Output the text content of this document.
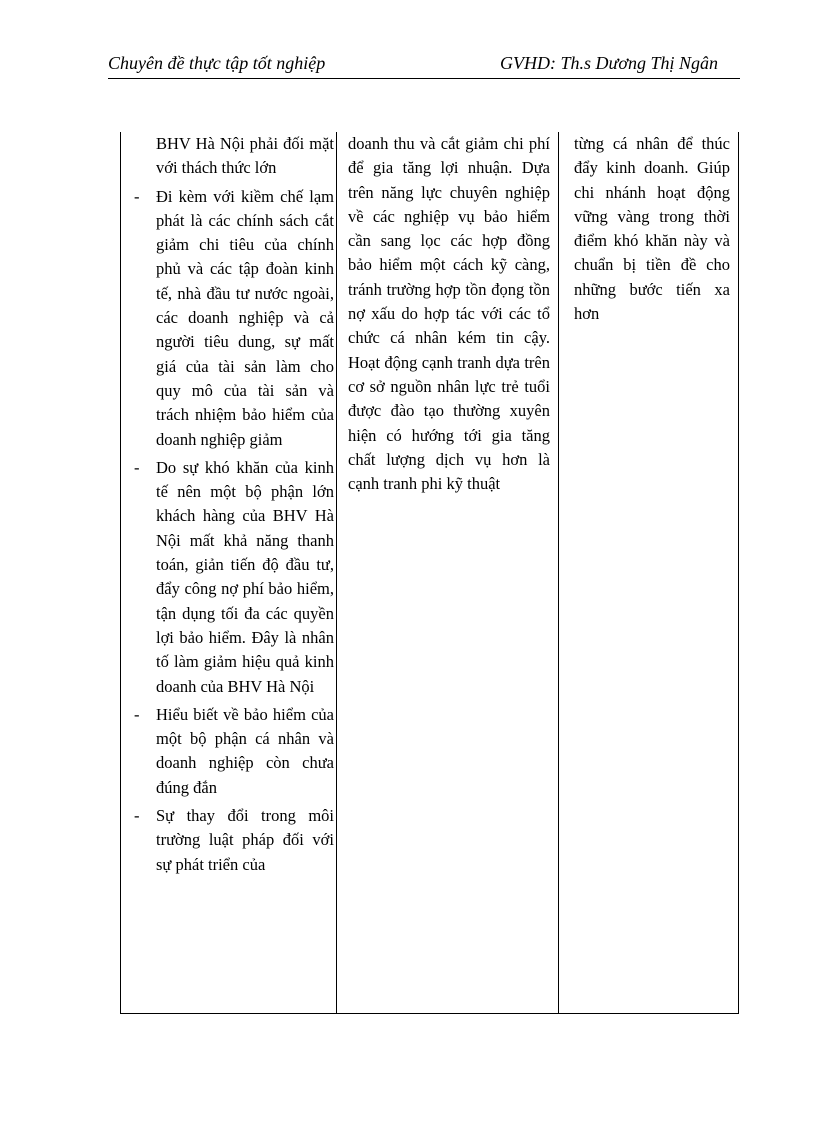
Chuyên đề thực tập tốt nghiệp	GVHD: Th.s Dương Thị Ngân

BHV Hà Nội phải đối mặt với thách thức lớn

- Đi kèm với kiềm chế lạm phát là các chính sách cắt giảm chi tiêu của chính phủ và các tập đoàn kinh tế, nhà đầu tư nước ngoài, các doanh nghiệp và cả người tiêu dung, sự mất giá của tài sản làm cho quy mô của tài sản và trách nhiệm bảo hiểm của doanh nghiệp giảm
- Do sự khó khăn của kinh tế nên một bộ phận lớn khách hàng của BHV Hà Nội mất khả năng thanh toán, giản tiến độ đầu tư, đẩy công nợ phí bảo hiểm, tận dụng tối đa các quyền lợi bảo hiểm. Đây là nhân tố làm giảm hiệu quả kinh doanh của BHV Hà Nội
- Hiểu biết về bảo hiểm của một bộ phận cá nhân và doanh nghiệp còn chưa đúng đắn
- Sự thay đổi trong môi trường luật pháp đối với sự phát triển của

doanh thu và cắt giảm chi phí để gia tăng lợi nhuận. Dựa trên năng lực chuyên nghiệp về các nghiệp vụ bảo hiểm cần sang lọc các hợp đồng bảo hiểm một cách kỹ càng, tránh trường hợp tồn đọng tồn nợ xấu do hợp tác với các tổ chức cá nhân kém tin cậy. Hoạt động cạnh tranh dựa trên cơ sở nguồn nhân lực trẻ tuổi được đào tạo thường xuyên hiện có hướng tới gia tăng chất lượng dịch vụ hơn là cạnh tranh phi kỹ thuật

từng cá nhân để thúc đẩy kinh doanh. Giúp chi nhánh hoạt động vững vàng trong thời điểm khó khăn này và chuẩn bị tiền đề cho những bước tiến xa hơn
